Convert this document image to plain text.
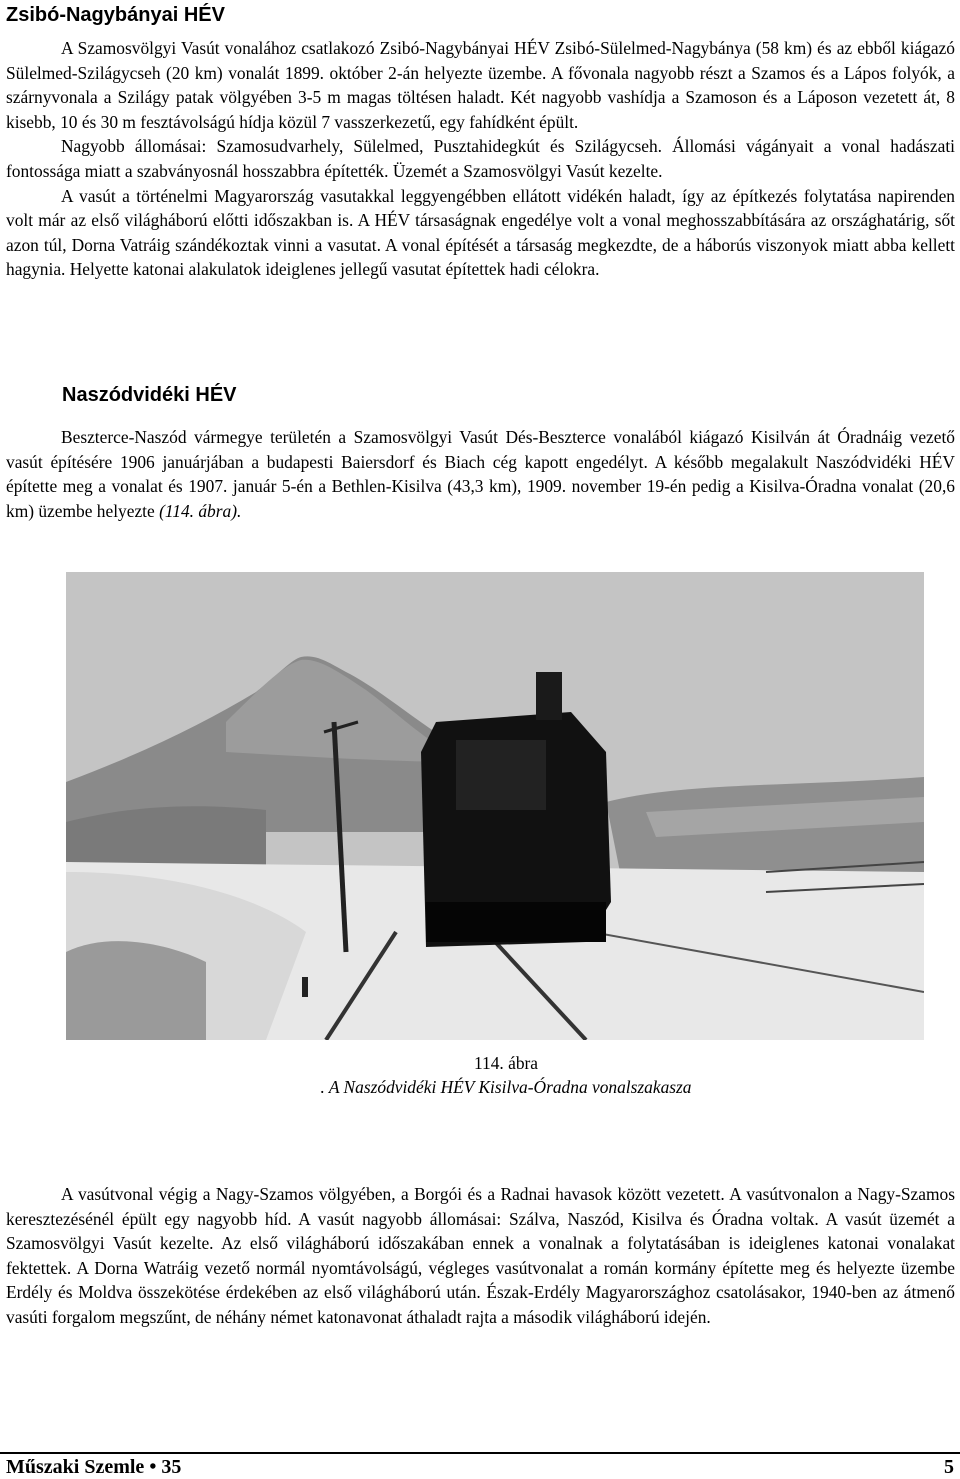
Zsibó-Nagybányai HÉV

A Szamosvölgyi Vasút vonalához csatlakozó Zsibó-Nagybányai HÉV Zsibó-Sülelmed-Nagybánya (58 km) és az ebből kiágazó Sülelmed-Szilágycseh (20 km) vonalát 1899. október 2-án helyezte üzembe. A fővonala nagyobb részt a Szamos és a Lápos folyók, a szárnyvonala a Szilágy patak völgyében 3-5 m magas töltésen haladt. Két nagyobb vashídja a Szamoson és a Láposon vezetett át, 8 kisebb, 10 és 30 m fesztávolságú hídja közül 7 vasszerkezetű, egy fahídként épült.

Nagyobb állomásai: Szamosudvarhely, Sülelmed, Pusztahidegkút és Szilágycseh. Állomási vágányait a vonal hadászati fontossága miatt a szabványosnál hosszabbra építették. Üzemét a Szamosvölgyi Vasút kezelte.

A vasút a történelmi Magyarország vasutakkal leggyengébben ellátott vidékén haladt, így az építkezés folytatása napirenden volt már az első világháború előtti időszakban is. A HÉV társaságnak engedélye volt a vonal meghosszabbítására az országhatárig, sőt azon túl, Dorna Vatráig szándékoztak vinni a vasutat. A vonal építését a társaság megkezdte, de a háborús viszonyok miatt abba kellett hagynia. Helyette katonai alakulatok ideiglenes jellegű vasutat építettek hadi célokra.

Naszódvidéki HÉV

Beszterce-Naszód vármegye területén a Szamosvölgyi Vasút Dés-Beszterce vonalából kiágazó Kisilván át Óradnáig vezető vasút építésére 1906 januárjában a budapesti Baiersdorf és Biach cég kapott engedélyt. A később megalakult Naszódvidéki HÉV építette meg a vonalat és 1907. január 5-én a Bethlen-Kisilva (43,3 km), 1909. november 19-én pedig a Kisilva-Óradna vonalat (20,6 km) üzembe helyezte (114. ábra).

114. ábra
. A Naszódvidéki HÉV Kisilva-Óradna vonalszakasza

A vasútvonal végig a Nagy-Szamos völgyében, a Borgói és a Radnai havasok között vezetett. A vasútvonalon a Nagy-Szamos keresztezésénél épült egy nagyobb híd. A vasút nagyobb állomásai: Szálva, Naszód, Kisilva és Óradna voltak. A vasút üzemét a Szamosvölgyi Vasút kezelte. Az első világháború időszakában ennek a vonalnak a folytatásában is ideiglenes katonai vonalakat fektettek. A Dorna Watráig vezető normál nyomtávolságú, végleges vasútvonalat a román kormány építette meg és helyezte üzembe Erdély és Moldva összekötése érdekében az első világháború után. Észak-Erdély Magyarországhoz csatolásakor, 1940-ben az átmenő vasúti forgalom megszűnt, de néhány német katonavonat áthaladt rajta a második világháború idején.

Műszaki Szemle • 35	5
